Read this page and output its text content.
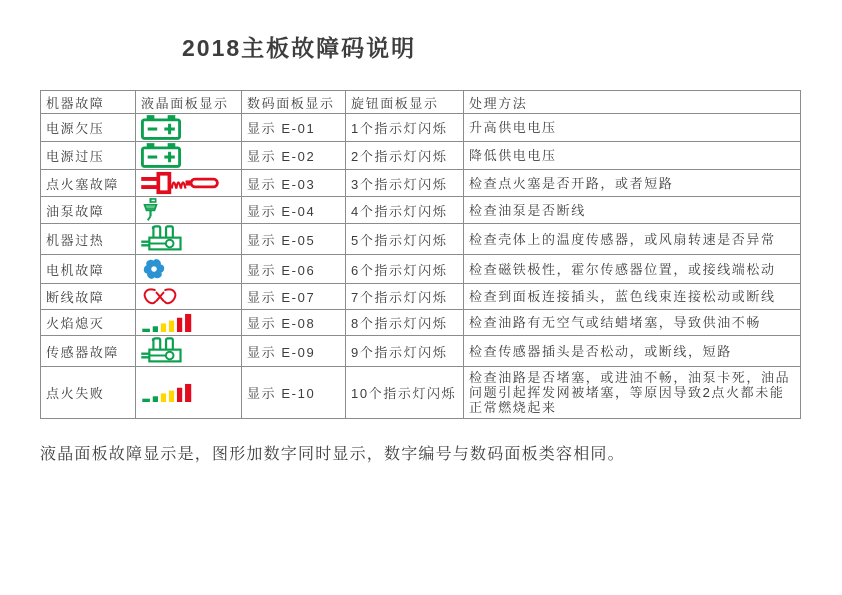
2018主板故障码说明
机器故障	液晶面板显示	数码面板显示	旋钮面板显示	处理方法
电源欠压		显示 E-01	1个指示灯闪烁	升高供电电压
电源过压		显示 E-02	2个指示灯闪烁	降低供电电压
点火塞故障		显示 E-03	3个指示灯闪烁	检查点火塞是否开路，或者短路
油泵故障		显示 E-04	4个指示灯闪烁	检查油泵是否断线
机器过热		显示 E-05	5个指示灯闪烁	检查壳体上的温度传感器，或风扇转速是否异常
电机故障		显示 E-06	6个指示灯闪烁	检查磁铁极性，霍尔传感器位置，或接线端松动
断线故障		显示 E-07	7个指示灯闪烁	检查到面板连接插头，蓝色线束连接松动或断线
火焰熄灭		显示 E-08	8个指示灯闪烁	检查油路有无空气或结蜡堵塞，导致供油不畅
传感器故障		显示 E-09	9个指示灯闪烁	检查传感器插头是否松动，或断线，短路
点火失败		显示 E-10	10个指示灯闪烁	检查油路是否堵塞，或进油不畅，油泵卡死，油品问题引起挥发网被堵塞，等原因导致2点火都未能正常燃烧起来
液晶面板故障显示是，图形加数字同时显示，数字编号与数码面板类容相同。
